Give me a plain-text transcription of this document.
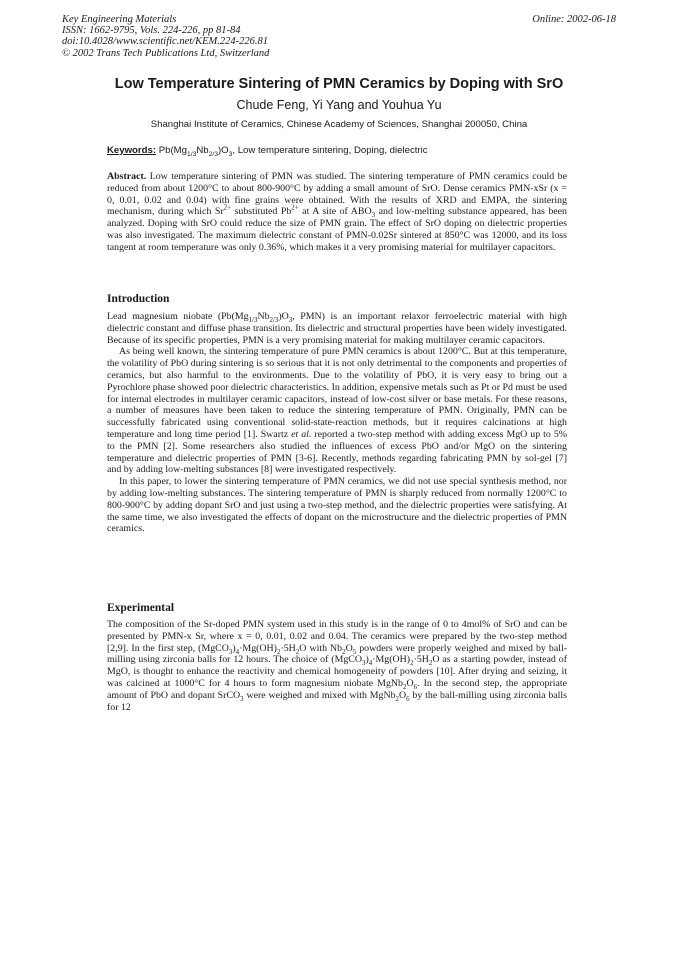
Key Engineering Materials
ISSN: 1662-9795, Vols. 224-226, pp 81-84
doi:10.4028/www.scientific.net/KEM.224-226.81
© 2002 Trans Tech Publications Ltd, Switzerland
Online: 2002-06-18
Low Temperature Sintering of PMN Ceramics by Doping with SrO
Chude Feng, Yi Yang and Youhua Yu
Shanghai Institute of Ceramics, Chinese Academy of Sciences, Shanghai 200050, China
Keywords: $Pb(Mg_{1/3}Nb_{2/3})O_3$, Low temperature sintering, Doping, dielectric

Abstract. Low temperature sintering of PMN was studied. The sintering temperature of PMN ceramics could be reduced from about 1200°C to about 800-900°C by adding a small amount of SrO. Dense ceramics PMN-xSr (x = 0, 0.01, 0.02 and 0.04) with fine grains were obtained. With the results of XRD and EMPA, the sintering mechanism, during which $Sr^{2+}$ substituted $Pb^{2+}$ at A site of $ABO_3$ and low-melting substance appeared, has been analyzed. Doping with SrO could reduce the size of PMN grain. The effect of SrO doping on dielectric properties was also investigated. The maximum dielectric constant of PMN-0.02Sr sintered at 850°C was 12000, and its loss tangent at room temperature was only 0.36%, which makes it a very promising material for multilayer capacitors.

Introduction

Lead magnesium niobate ($Pb(Mg_{1/3}Nb_{2/3})O_3$, PMN) is an important relaxor ferroelectric material with high dielectric constant and diffuse phase transition. Its dielectric and structural properties have been widely investigated. Because of its specific properties, PMN is a very promising material for making multilayer ceramic capacitors.

As being well known, the sintering temperature of pure PMN ceramics is about 1200°C. But at this temperature, the volatility of PbO during sintering is so serious that it is not only detrimental to the components and properties of ceramics, but also harmful to the environments. Due to the volatility of PbO, it is very easy to bring out a Pyrochlore phase showed poor dielectric characteristics. In addition, expensive metals such as Pt or Pd must be used for internal electrodes in multilayer ceramic capacitors, instead of low-cost silver or base metals. For these reasons, a number of measures have been taken to reduce the sintering temperature of PMN. Originally, PMN can be successfully fabricated using conventional solid-state-reaction methods, but it requires calcinations at high temperature and long time period [1]. Swartz et al. reported a two-step method with adding excess MgO up to 5% to the PMN [2]. Some researchers also studied the influences of excess PbO and/or MgO on the sintering temperature and dielectric properties of PMN [3-6]. Recently, methods regarding fabricating PMN by sol-gel [7] and by adding low-melting substances [8] were investigated respectively.

In this paper, to lower the sintering temperature of PMN ceramics, we did not use special synthesis method, nor by adding low-melting substances. The sintering temperature of PMN is sharply reduced from normally 1200°C to 800-900°C by adding dopant SrO and just using a two-step method, and the dielectric properties were satisfying. At the same time, we also investigated the effects of dopant on the microstructure and the dielectric properties of PMN ceramics.

Experimental

The composition of the Sr-doped PMN system used in this study is in the range of 0 to 4mol% of SrO and can be presented by PMN-x Sr, where x = 0, 0.01, 0.02 and 0.04. The ceramics were prepared by the two-step method [2,9]. In the first step, $(MgCO_3)_4\cdot Mg(OH)_2\cdot 5H_2O$ with $Nb_2O_5$ powders were properly weighed and mixed by ball-milling using zirconia balls for 12 hours. The choice of $(MgCO_3)_4\cdot Mg(OH)_2\cdot 5H_2O$ as a starting powder, instead of MgO, is thought to enhance the reactivity and chemical homogeneity of powders [10]. After drying and seizing, it was calcined at 1000°C for 4 hours to form magnesium niobate $MgNb_2O_6$. In the second step, the appropriate amount of PbO and dopant SrCO$_3$ were weighed and mixed with $MgNb_2O_6$ by the ball-milling using zirconia balls for 12
